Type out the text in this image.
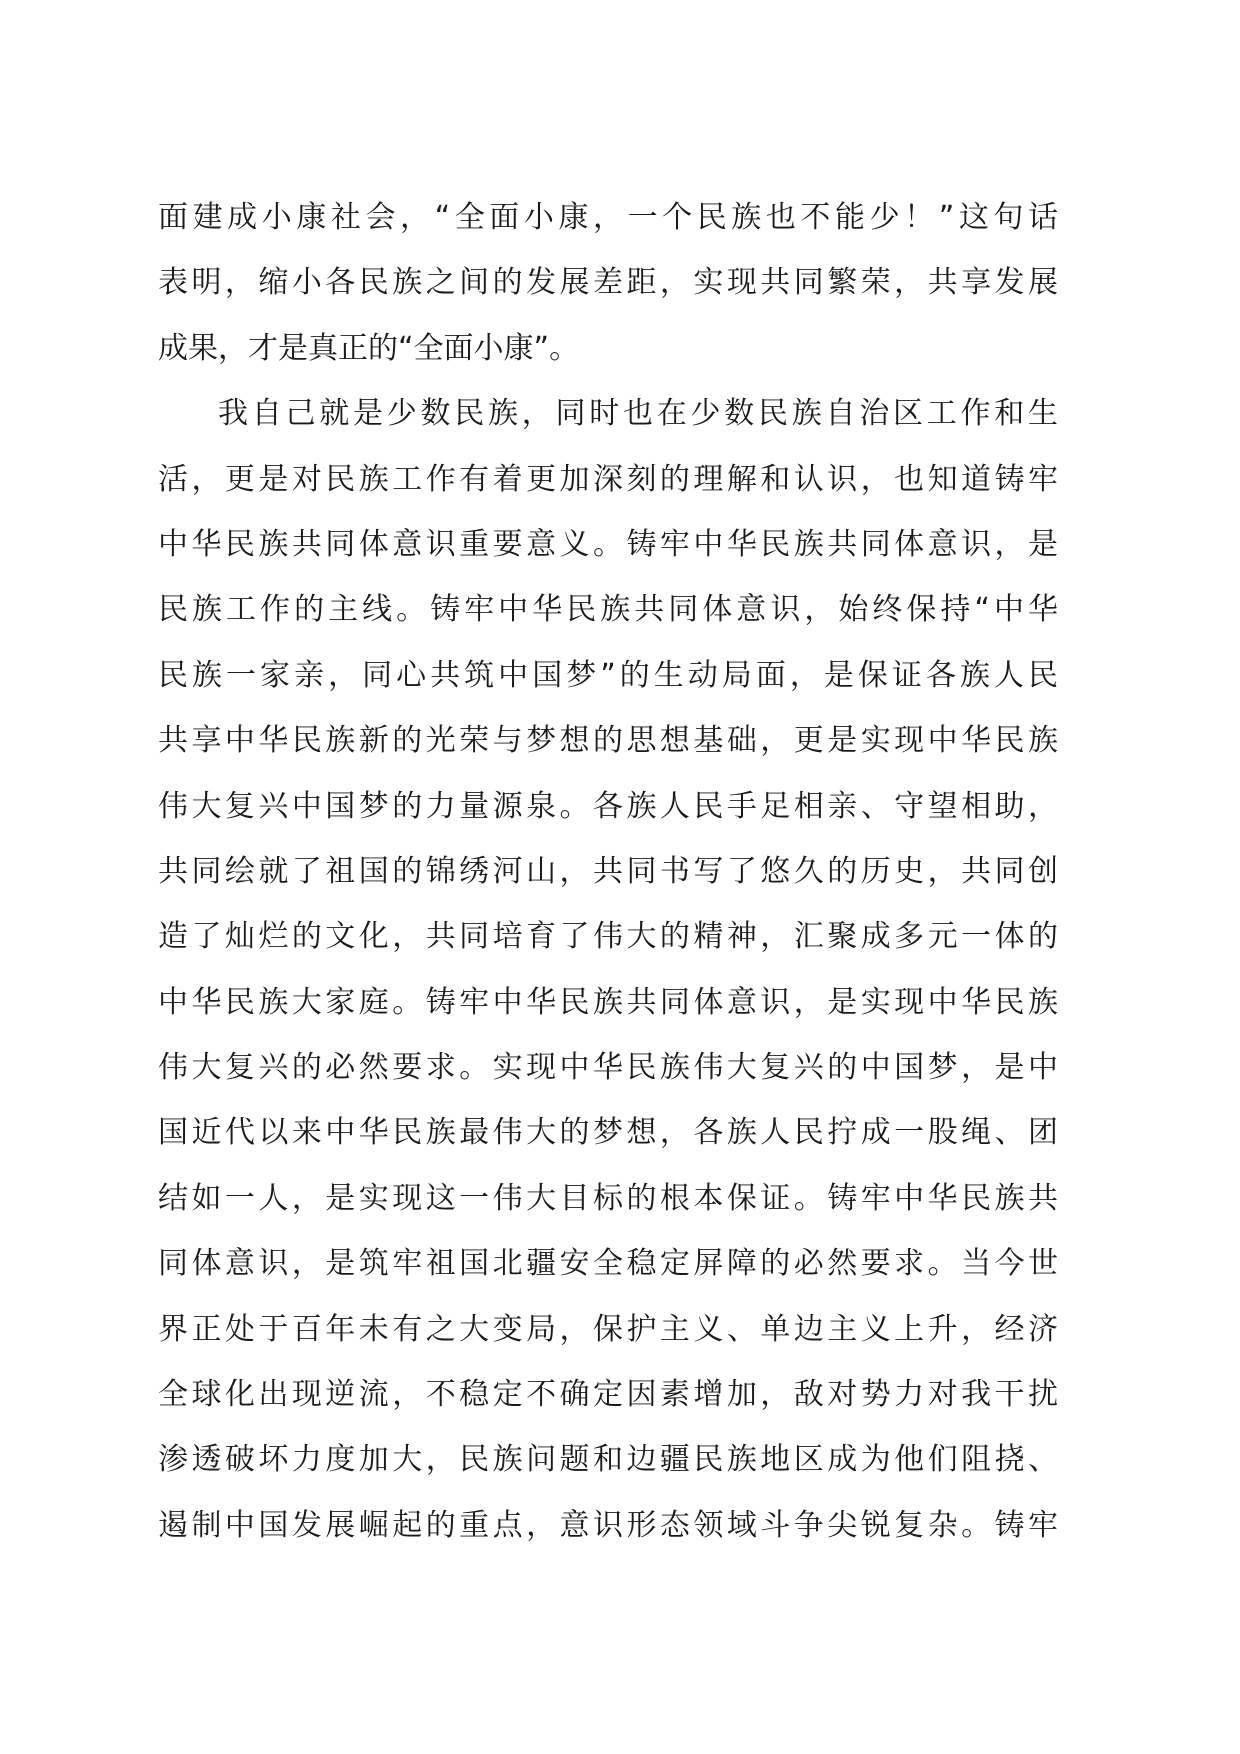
面建成小康社会，“全面小康，一个民族也不能少！”这句话
表明，缩小各民族之间的发展差距，实现共同繁荣，共享发展
成果，才是真正的“全面小康”。
我自己就是少数民族，同时也在少数民族自治区工作和生
活，更是对民族工作有着更加深刻的理解和认识，也知道铸牢
中华民族共同体意识重要意义。铸牢中华民族共同体意识，是
民族工作的主线。铸牢中华民族共同体意识，始终保持“中华
民族一家亲，同心共筑中国梦”的生动局面，是保证各族人民
共享中华民族新的光荣与梦想的思想基础，更是实现中华民族
伟大复兴中国梦的力量源泉。各族人民手足相亲、守望相助，
共同绘就了祖国的锦绣河山，共同书写了悠久的历史，共同创
造了灿烂的文化，共同培育了伟大的精神，汇聚成多元一体的
中华民族大家庭。铸牢中华民族共同体意识，是实现中华民族
伟大复兴的必然要求。实现中华民族伟大复兴的中国梦，是中
国近代以来中华民族最伟大的梦想，各族人民拧成一股绳、团
结如一人，是实现这一伟大目标的根本保证。铸牢中华民族共
同体意识，是筑牢祖国北疆安全稳定屏障的必然要求。当今世
界正处于百年未有之大变局，保护主义、单边主义上升，经济
全球化出现逆流，不稳定不确定因素增加，敌对势力对我干扰
渗透破坏力度加大，民族问题和边疆民族地区成为他们阻挠、
遏制中国发展崛起的重点，意识形态领域斗争尖锐复杂。铸牢
